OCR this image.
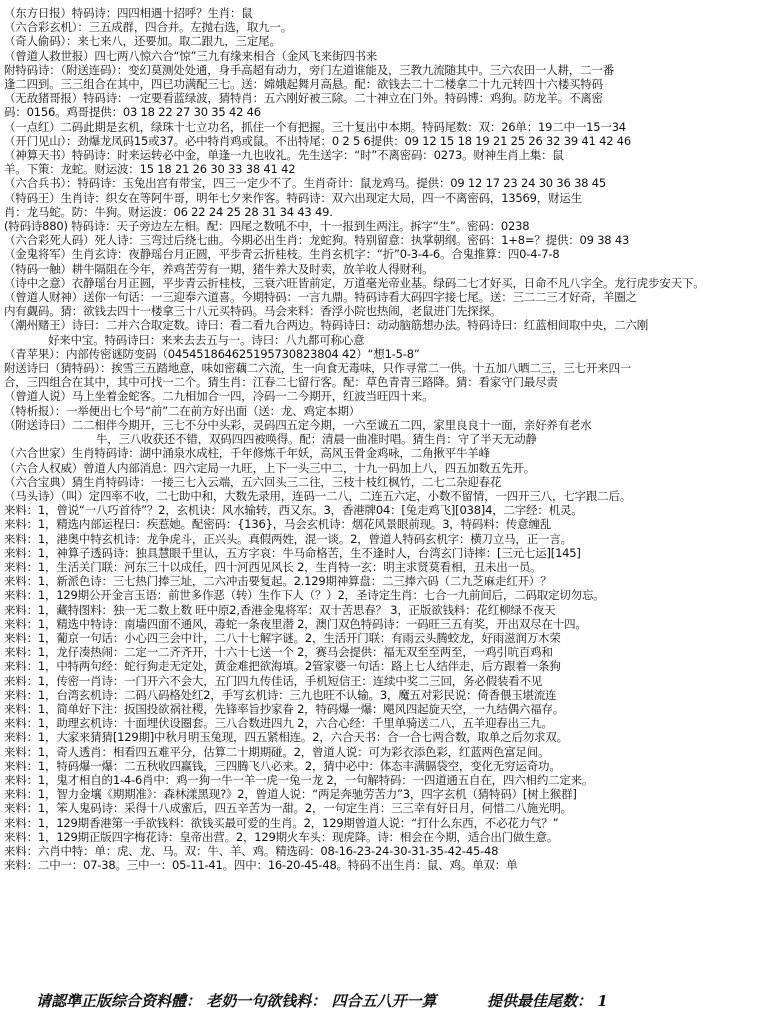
（东方日报）特码诗：四四相遇十招呼？生肖：鼠
（六合彩玄机）：三五成群，四合并。左抛右选，取九一。
（奇人偷码）：来七来八，还要加。取二跟九，三定尾。
（曾道人救世报）四七两八惊六合“惊”三九有缘来相合（金风飞来街四书来
附特码诗：（附送连码）：变幻莫测处处通，身手高超有动力，旁门左道谁能及，三教九流随其中。三六农田一人耕，二一番
逢二四到。三三组合在其中，四已功满配三七。送：嫦娥起舞月高悬。配：欲钱去二十二楼拿二十九元转四十六楼买特码
（无敌猪哥报）特码诗：一定要看蓝绿波，猜特肖：五六刚好被三除。二十神立在门外。特码博：鸡狗。防龙羊。不离密
码：0156。鸡哥提供：03 18 22 27 30 35 42 46
（一点红）二码此期是玄机，绿珠十七立功名，抓住一个有把握。三十复出中本期。特码尾数：双：26单：19二中一15一34
（开门见山）：劲爆龙凤码15或37。必中特肖鸡或鼠。不出特尾：0 2 5 6提供：09 12 15 18 19 21 25 26 32 39 41 42 46
（神算天书）特码诗：时来运转必中金，单逢一九也收礼。先生送字：“时”不离密码：0273。财神生肖上集：鼠
羊。下策：龙蛇。财运波：15 18 21 26 30 33 38 41 42
（六合兵书）：特码诗：玉兔出宫有带宝，四三一定少不了。生肖奇计：鼠龙鸡马。提供：09 12 17 23 24 30 36 38 45
（特码王）生肖诗：织女在等阿牛哥，明年七夕来作客。特码诗：双六出现定大局，四一不离密码，13569，财运生
肖：龙马蛇。防：牛狗。财运波：06 22 24 25 28 31 34 43 49.
(特码诗880) 特码诗：天子旁边左左相。配：四尾之数吼不中，十一报到生两注。拆字“生”。密码：0238
（六合彩死人码）死人诗：三弯过后绕七曲。今期必出生肖：龙蛇狗。特别留意：执掌朝纲。密码：1+8=？提供：09 38 43
（金鬼将军）生肖玄诗：夜静瑶台月正圆，平步青云折桂枝。生肖玄机字：“折”0-3-4-6。合鬼推算：四0-4-7-8
（特码一触）耕牛隔阻在今年，养鸡苦劳有一期，猪牛养大及时卖，放羊收人得财利。
（诗中之意）衣静瑶台月正圆，平步青云折桂枝，三衰六旺皆前定，万道毫光帝业基。绿码二七才好买，日命不凡八字全。龙行虎步安天下。
（曾道人财神）送你一句话：一三迎奉六道喜。今期特码：一言九鼎。特码诗看大码四字接七尾。送：三二二三才好奇，羊圈之
内有觑码。猜：欲钱去四十一楼拿三十八元买特码。马会来料：香浮小院也热闹，老鼠进门先探探。
（潮州赌王）诗曰：二并六合取定数。诗曰：看二看九合两边。特码诗曰：动动脑筋想办法。特码诗曰：红蓝相间取中央，二六刚
好来中宝。特码诗曰：来来去去五与一。诗曰：八九都可称心意
（青苹果）：内部传密谜防变码（045451864625195730823804 42）“想1-5-8”
附送诗曰（猜特码）：挨雪三五踏地意，味如密藕二六流，生一向食无毒味，只作寻常二一供。十五加八晒二三，三七开来四一
合，三四组合在其中，其中可找一二个。猜生肖：江春二七留行客。配：草色青青三路降。猜：看家守门最尽责
（曾道人说）马上坐着金蛇客。二九相加合一四，冷码一二今期开，红波当旺四十来。
（特析报）：一举便出七个号“前”二在前方好出面（送：龙、鸡定本期）
（附送诗曰）二二相伴今期开，三七不分中头彩，灵码四五定今期，一六至诚五二四，家里良良十一面，亲好养有老水
牛，三八收获还不错，双码四四被唤得。配：清晨一曲准时唱。猜生肖：守了半天无动静
（六合世家）生肖特码诗：湖中涌泉水成柱，千年修炼千年妖，高风玉骨金鸡咏，二角揪平牛羊峰
（六合人权威）曾道人内部消息：四六定局一九旺，上下一头三中二，十九一码加上八，四五加数五先开。
（六合宝典）猜生肖特码诗：一接三七入云端，五六回头三二往，三枝十枝红枫竹，二七二杂迎春花
（马头诗）（叫）定四率不收，二七助中和，大数先录用，连码一二八，二连五六定，小数不留情，一四开三八，七字跟二后。
来料：1，曾说“一八巧首待”？2，玄机诀：风水输转，西又东。3，香港牌04：[兔走鸡飞][038]4，二字经：机灵。
来料：1，精选内部运程曰：疾惹她。配密码：{136}，马会玄机诗：烟花风景眼前现。3，特码料：传意缠乱
来料：1，港奥中特玄机诗：龙争虎斗，正兴头。真假两姓，混一谈。2，曾道人特码玄机字：横刀立马，正一言。
来料：1，神算子透码诗：独具慧眼千里认，五方字哀：牛马命格苦，生不逢时人，台湾玄门诗摔：[三元七运][145]
来料：1，生活关门联：河东三十以成任，四十河西见风长 2，生肖特一玄：明主求贤莫看相，丑未出一员。
来料：1，新派色诗：三七热门捧三址，二六冲击要复起。2.129期神算盘：二三捧六码（二九芝麻走红开）？
来料：1，129期公开金言玉语：前世多作恶（转）生作下人（？）2，圣诗定生肖：七合一九前间后，二码取定切勿忘。
来料：1，藏特图料：独一无二数上数 旺中原2,香港金鬼将军：双十苦思春？ 3，正版欲钱料：花红柳绿不夜天
来料：1，精选中特诗：南墙四面不通风，毒蛇一条夜里潜 2，澳门双色特码诗：一码旺三五有奖，开出双尽在十四。
来料：1，葡京一句话：小心四三会中计，二八十七解字谜。2，生活开门联：有雨云头腾蛟龙，好雨滋润万木荣
来料：1，龙仔凑热闹：二定一二齐齐开，十六十七送一个 2，赛马会提供：福无双至至两至，一鸡引吭百鸡和
来料：1，中特两句经：蛇行狗走无定处，黄金难把欲海填。2管家婆一句话：路上七人结伴走，后方跟着一条狗
来料：1，传密一肖诗：一门开六不会大，五门四九传佳话，手机短信王：连续中奖二三回，务必假装看不见
来料：1，台湾玄机诗：二码八码格处红2，手写玄机诗：三九也旺不认输。3，魔五对彩民说：倚香偎玉堪流连
来料：1，简单好下注：扳国投欲祸社稷，先锋率旨抄家眷 2，特码爆一爆：飓风四起旋天空，一九结偶六福存。
来料：1，助理玄机诗：十面埋伏设圈套。三八合数进四九 2，六合心经：千里单骑送二八，五羊迎春出三九。
来料：1，大家来猜猜[129期]中秋月明玉兔现，四五紧相连。2，六合天书：合一合七两合数，取单之后勿求双。
来料：1，奇人透肖：相看四五难平分，估算二十期期碰。2，曾道人说：可为彩衣添色彩，红蓝两色富足间。
来料：1，特码爆一爆：二五秋收四赢钱，三四腾飞八必来。2，猜中必中：体态丰满膈袋空，变化无穷运奇功。
来料：1，鬼才相自的1-4-6肖中：鸡一狗一牛一羊一虎一兔一龙 2，一句解特码：一四道通五自在，四六相约二定来。
来料：1，智力金壤《期期准》：森林漾黑现?》2，曾道人说：“两足奔驰劳苦力”3，四字玄机（猜特码）[树上猴群]
来料：1，笨人鬼码诗：采得十八成蜜后，四五辛苦为一甜。2，一句定生肖：三三幸有好日月，何惜二八施光明。
来料：1，129期香港第一手欲钱料：欲钱买最可爱的生肖。2，129期曾道人说：“打什么东西，不必花力气？”
来料：1，129期正版四字梅花诗：皇帝出营。2，129期火车头：现虎降。诗：相会在今期，适合出门做生意。
来料：六肖中特：单：虎、龙、马。双：牛、羊、鸡。精选码：08-16-23-24-30-31-35-42-45-48
来料：二中一：07-38。三中一：05-11-41。四中：16-20-45-48。特码不出生肖：鼠、鸡。单双：单
请認準正版综合资料體： 老奶一句欲钱料： 四合五八开一算	提供最佳尾数： 1
